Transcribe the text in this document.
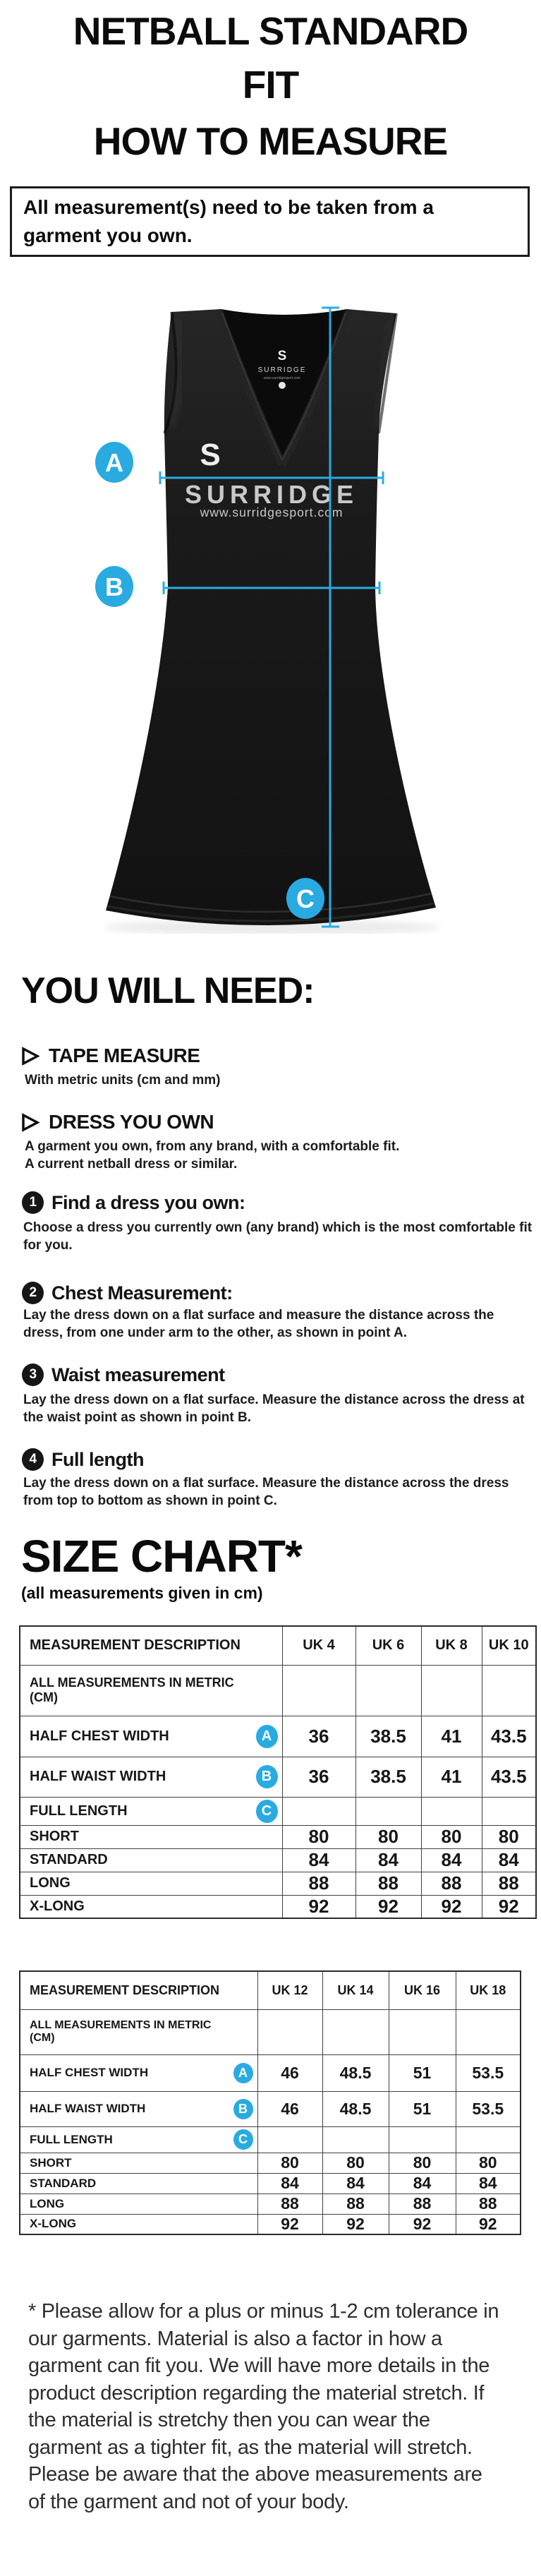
NETBALL STANDARD FIT
HOW TO MEASURE
All measurement(s) need to be taken from a garment you own.
S
SURRIDGE
www.surridgesport.com
S
SURRIDGE
www.surridgesport.com
A
B
C
YOU WILL NEED:
TAPE MEASURE
With metric units (cm and mm)
DRESS YOU OWN
A garment you own, from any brand, with a comfortable fit.
A current netball dress or similar.
1 Find a dress you own:
Choose a dress you currently own (any brand) which is the most comfortable fit for you.
2 Chest Measurement:
Lay the dress down on a flat surface and measure the distance across the dress, from one under arm to the other, as shown in point A.
3 Waist measurement
Lay the dress down on a flat surface. Measure the distance across the dress at the waist point as shown in point B.
4 Full length
Lay the dress down on a flat surface. Measure the distance across the dress from top to bottom as shown in point C.
SIZE CHART*
(all measurements given in cm)
MEASUREMENT DESCRIPTION	UK 4	UK 6	UK 8	UK 10

ALL MEASUREMENTS IN METRIC (CM)				

HALF CHEST WIDTH A	36	38.5	41	43.5

HALF WAIST WIDTH B	36	38.5	41	43.5

FULL LENGTH C				

SHORT	80	80	80	80

STANDARD	84	84	84	84

LONG	88	88	88	88

X-LONG	92	92	92	92
MEASUREMENT DESCRIPTION	UK 12	UK 14	UK 16	UK 18

ALL MEASUREMENTS IN METRIC (CM)				

HALF CHEST WIDTH A	46	48.5	51	53.5

HALF WAIST WIDTH B	46	48.5	51	53.5

FULL LENGTH C				

SHORT	80	80	80	80

STANDARD	84	84	84	84

LONG	88	88	88	88

X-LONG	92	92	92	92
* Please allow for a plus or minus 1-2 cm tolerance in our garments. Material is also a factor in how a garment can fit you. We will have more details in the product description regarding the material stretch. If the material is stretchy then you can wear the garment as a tighter fit, as the material will stretch. Please be aware that the above measurements are of the garment and not of your body.
